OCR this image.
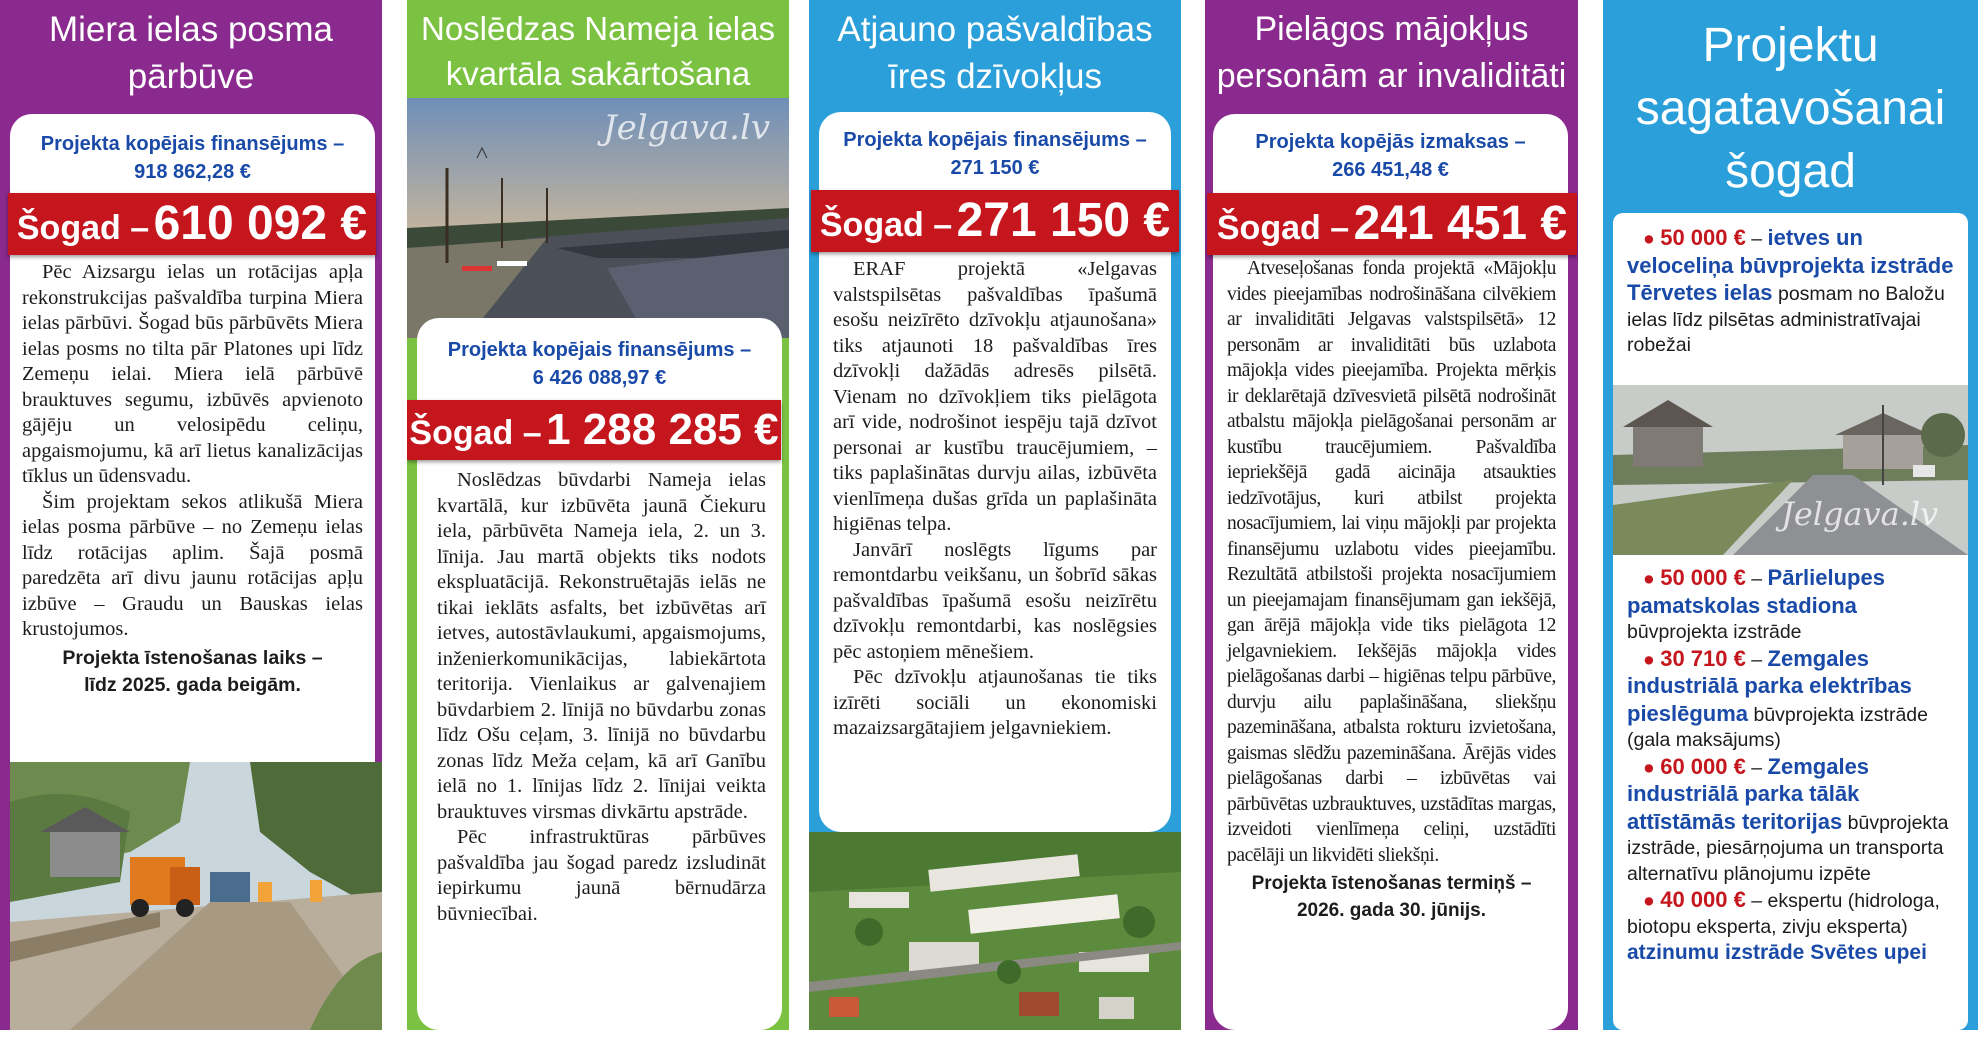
Miera ielas posma
pārbūve
Projekta kopējais finansējums –
918 862,28 €

Pēc Aizsargu ielas un rotācijas apļa rekonstrukcijas pašvaldība turpina Miera ielas pārbūvi. Šogad būs pārbūvēts Miera ielas posms no tilta pār Platones upi līdz Zemeņu ielai. Miera ielā pārbūvē brauktuves segumu, izbūvēs apvienoto gājēju un velosipēdu celiņu, apgaismojumu, kā arī lietus kanalizācijas tīklus un ūdensvadu.

Šim projektam sekos atlikušā Miera ielas posma pārbūve – no Zemeņu ielas līdz rotācijas aplim. Šajā posmā paredzēta arī divu jaunu rotācijas apļu izbūve – Graudu un Bauskas ielas krustojumos.

Projekta īstenošanas laiks –
līdz 2025. gada beigām.

Šogad – 610 092 €
Noslēdzas Nameja ielas
kvartāla sakārtošana
Jelgava.lv
Projekta kopējais finansējums –
6 426 088,97 €

Noslēdzas būvdarbi Nameja ielas kvartālā, kur izbūvēta jaunā Čiekuru iela, pārbūvēta Nameja iela, 2. un 3. līnija. Jau martā objekts tiks nodots ekspluatācijā. Rekonstruētajās ielās ne tikai ieklāts asfalts, bet izbūvētas arī ietves, autostāvlaukumi, apgaismojums, inženierkomunikācijas, labiekārtota teritorija. Vienlaikus ar galvenajiem būvdarbiem 2. līnijā no būvdarbu zonas līdz Ošu ceļam, 3. līnijā no būvdarbu zonas līdz Meža ceļam, kā arī Ganību ielā no 1. līnijas līdz 2. līnijai veikta brauktuves virsmas divkārtu apstrāde.

Pēc infrastruktūras pārbūves pašvaldība jau šogad paredz izsludināt iepirkumu jaunā bērnudārza būvniecībai.

Šogad – 1 288 285 €
Atjauno pašvaldības
īres dzīvokļus
Projekta kopējais finansējums –
271 150 €

ERAF projektā «Jelgavas valstspilsētas pašvaldības īpašumā esošu neizīrēto dzīvokļu atjaunošana» tiks atjaunoti 18 pašvaldības īres dzīvokļi dažādās adresēs pilsētā. Vienam no dzīvokļiem tiks pielāgota arī vide, nodrošinot iespēju tajā dzīvot personai ar kustību traucējumiem, – tiks paplašinātas durvju ailas, izbūvēta vienlīmeņa dušas grīda un paplašināta higiēnas telpa.

Janvārī noslēgts līgums par remontdarbu veikšanu, un šobrīd sākas pašvaldības īpašumā esošu neizīrētu dzīvokļu remontdarbi, kas noslēgsies pēc astoņiem mēnešiem.

Pēc dzīvokļu atjaunošanas tie tiks izīrēti sociāli un ekonomiski mazaizsargātajiem jelgavniekiem.

Šogad – 271 150 €
Pielāgos mājokļus
personām ar invaliditāti
Projekta kopējās izmaksas –
266 451,48 €

Atveseļošanas fonda projektā «Mājokļu vides pieejamības nodrošināšana cilvēkiem ar invaliditāti Jelgavas valstspilsētā» 12 personām ar invaliditāti būs uzlabota mājokļa vides pieejamība. Projekta mērķis ir deklarētajā dzīvesvietā pilsētā nodrošināt atbalstu mājokļa pielāgošanai personām ar kustību traucējumiem. Pašvaldība iepriekšējā gadā aicināja atsaukties iedzīvotājus, kuri atbilst projekta nosacījumiem, lai viņu mājokļi par projekta finansējumu uzlabotu vides pieejamību. Rezultātā atbilstoši projekta nosacījumiem un pieejamajam finansējumam gan iekšējā, gan ārējā mājokļa vide tiks pielāgota 12 jelgavniekiem. Iekšējās mājokļa vides pielāgošanas darbi – higiēnas telpu pārbūve, durvju ailu paplašināšana, sliekšņu pazemināšana, atbalsta rokturu izvietošana, gaismas slēdžu pazemināšana. Ārējās vides pielāgošanas darbi – izbūvētas vai pārbūvētas uzbrauktuves, uzstādītas margas, izveidoti vienlīmeņa celiņi, uzstādīti pacēlāji un likvidēti sliekšņi.

Projekta īstenošanas termiņš –
2026. gada 30. jūnijs.

Šogad – 241 451 €
Projektu
sagatavošanai
šogad
● 50 000 € – ietves un veloceliņa būvprojekta izstrāde Tērvetes ielas posmam no Baložu ielas līdz pilsētas administratīvajai robežai
Jelgava.lv
● 50 000 € – Pārlielupes pamatskolas stadiona būvprojekta izstrāde
● 30 710 € – Zemgales industriālā parka elektrības pieslēguma būvprojekta izstrāde (gala maksājums)
● 60 000 € – Zemgales industriālā parka tālāk attīstāmās teritorijas būvprojekta izstrāde, piesārņojuma un transporta alternatīvu plānojumu izpēte
● 40 000 € – ekspertu (hidrologa, biotopu eksperta, zivju eksperta) atzinumu izstrāde Svētes upei
